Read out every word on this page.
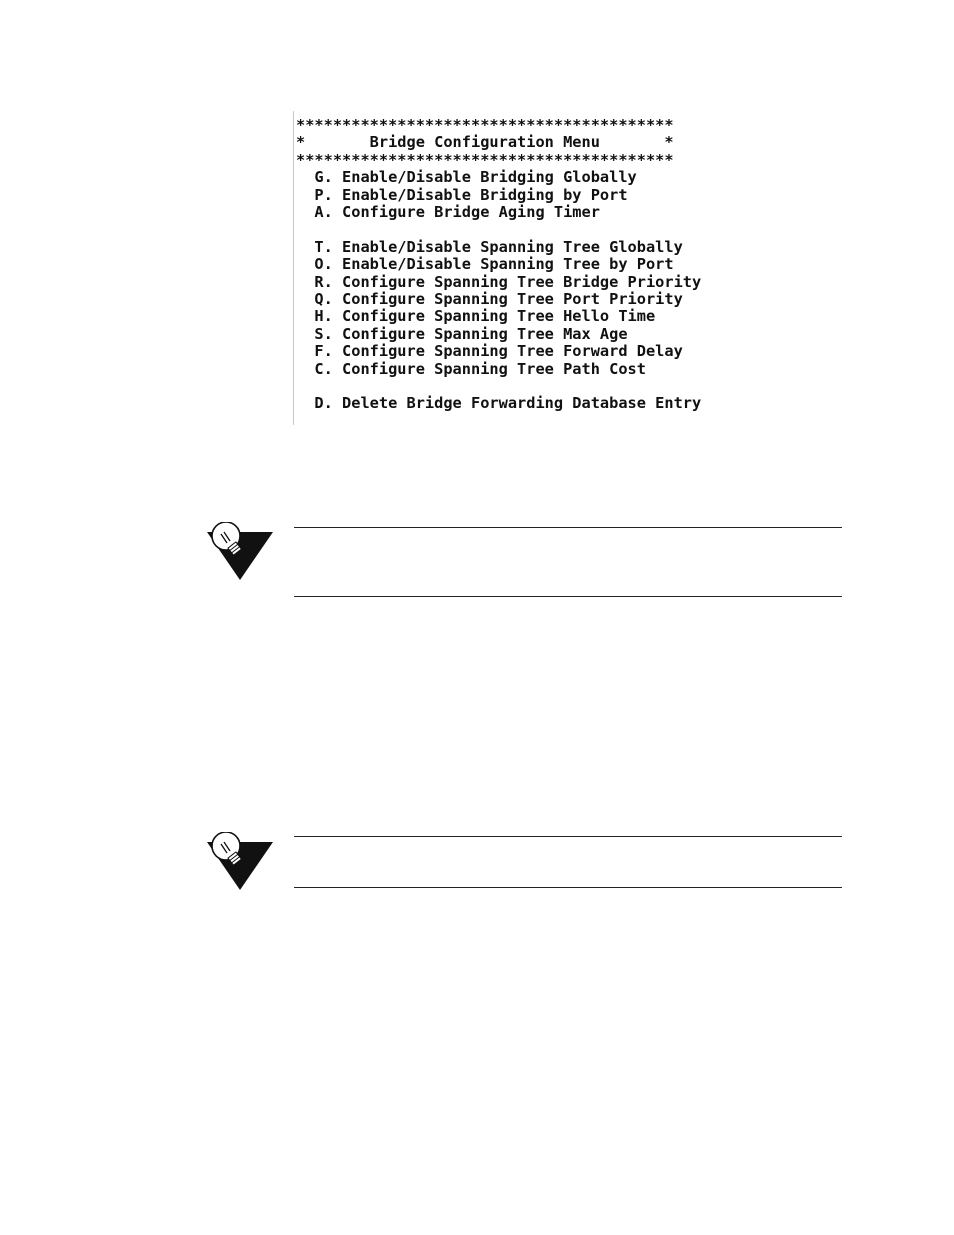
*****************************************
*       Bridge Configuration Menu       *
*****************************************
G. Enable/Disable Bridging Globally
P. Enable/Disable Bridging by Port
A. Configure Bridge Aging Timer
T. Enable/Disable Spanning Tree Globally
O. Enable/Disable Spanning Tree by Port
R. Configure Spanning Tree Bridge Priority
Q. Configure Spanning Tree Port Priority
H. Configure Spanning Tree Hello Time
S. Configure Spanning Tree Max Age
F. Configure Spanning Tree Forward Delay
C. Configure Spanning Tree Path Cost
D. Delete Bridge Forwarding Database Entry
